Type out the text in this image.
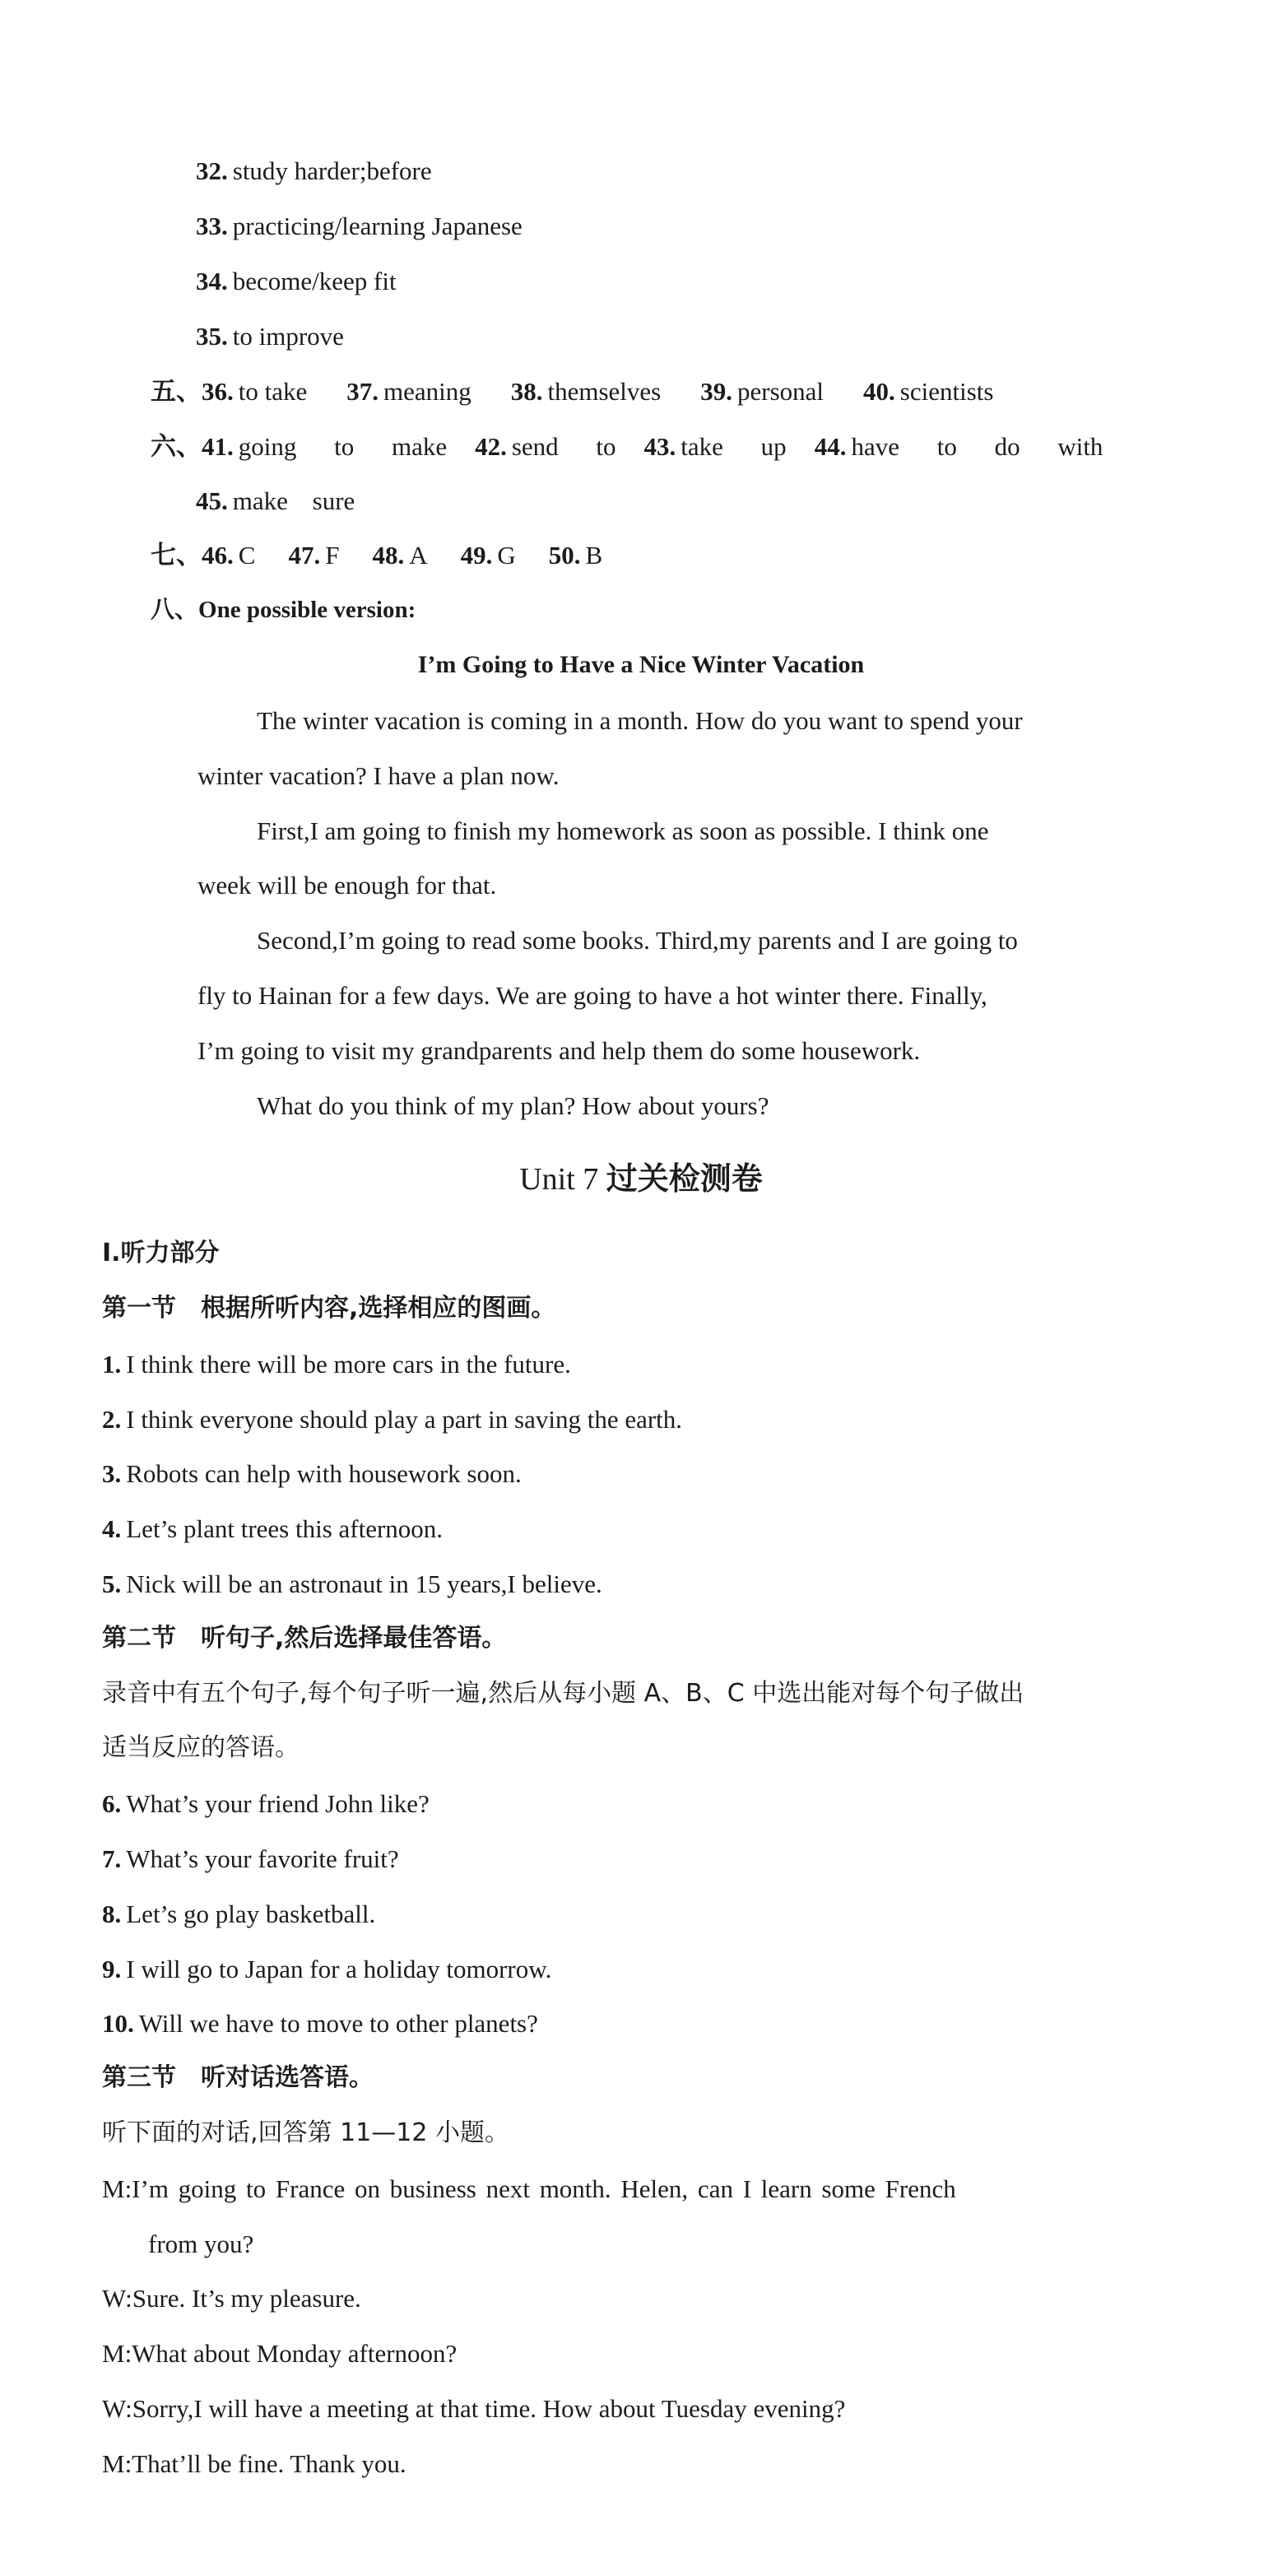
32. study harder;before
33. practicing/learning Japanese
34. become/keep fit
35. to improve
五、36. to take 37. meaning 38. themselves 39. personal 40. scientists
六、41. going to make 42. send to 43. take up 44. have to do with
45. make sure
七、46. C 47. F 48. A 49. G 50. B
八、One possible version:
I’m Going to Have a Nice Winter Vacation
The winter vacation is coming in a month. How do you want to spend your
winter vacation? I have a plan now.
First,I am going to finish my homework as soon as possible. I think one
week will be enough for that.
Second,I’m going to read some books. Third,my parents and I are going to
fly to Hainan for a few days. We are going to have a hot winter there. Finally,
I’m going to visit my grandparents and help them do some housework.
What do you think of my plan? How about yours?
Unit 7 过关检测卷
Ⅰ.听力部分
第一节　根据所听内容,选择相应的图画。
1. I think there will be more cars in the future.
2. I think everyone should play a part in saving the earth.
3. Robots can help with housework soon.
4. Let’s plant trees this afternoon.
5. Nick will be an astronaut in 15 years,I believe.
第二节　听句子,然后选择最佳答语。
录音中有五个句子,每个句子听一遍,然后从每小题 A、B、C 中选出能对每个句子做出
适当反应的答语。
6. What’s your friend John like?
7. What’s your favorite fruit?
8. Let’s go play basketball.
9. I will go to Japan for a holiday tomorrow.
10. Will we have to move to other planets?
第三节　听对话选答语。
听下面的对话,回答第 11—12 小题。
M:I’m going to France on business next month. Helen, can I learn some French
from you?
W:Sure. It’s my pleasure.
M:What about Monday afternoon?
W:Sorry,I will have a meeting at that time. How about Tuesday evening?
M:That’ll be fine. Thank you.
